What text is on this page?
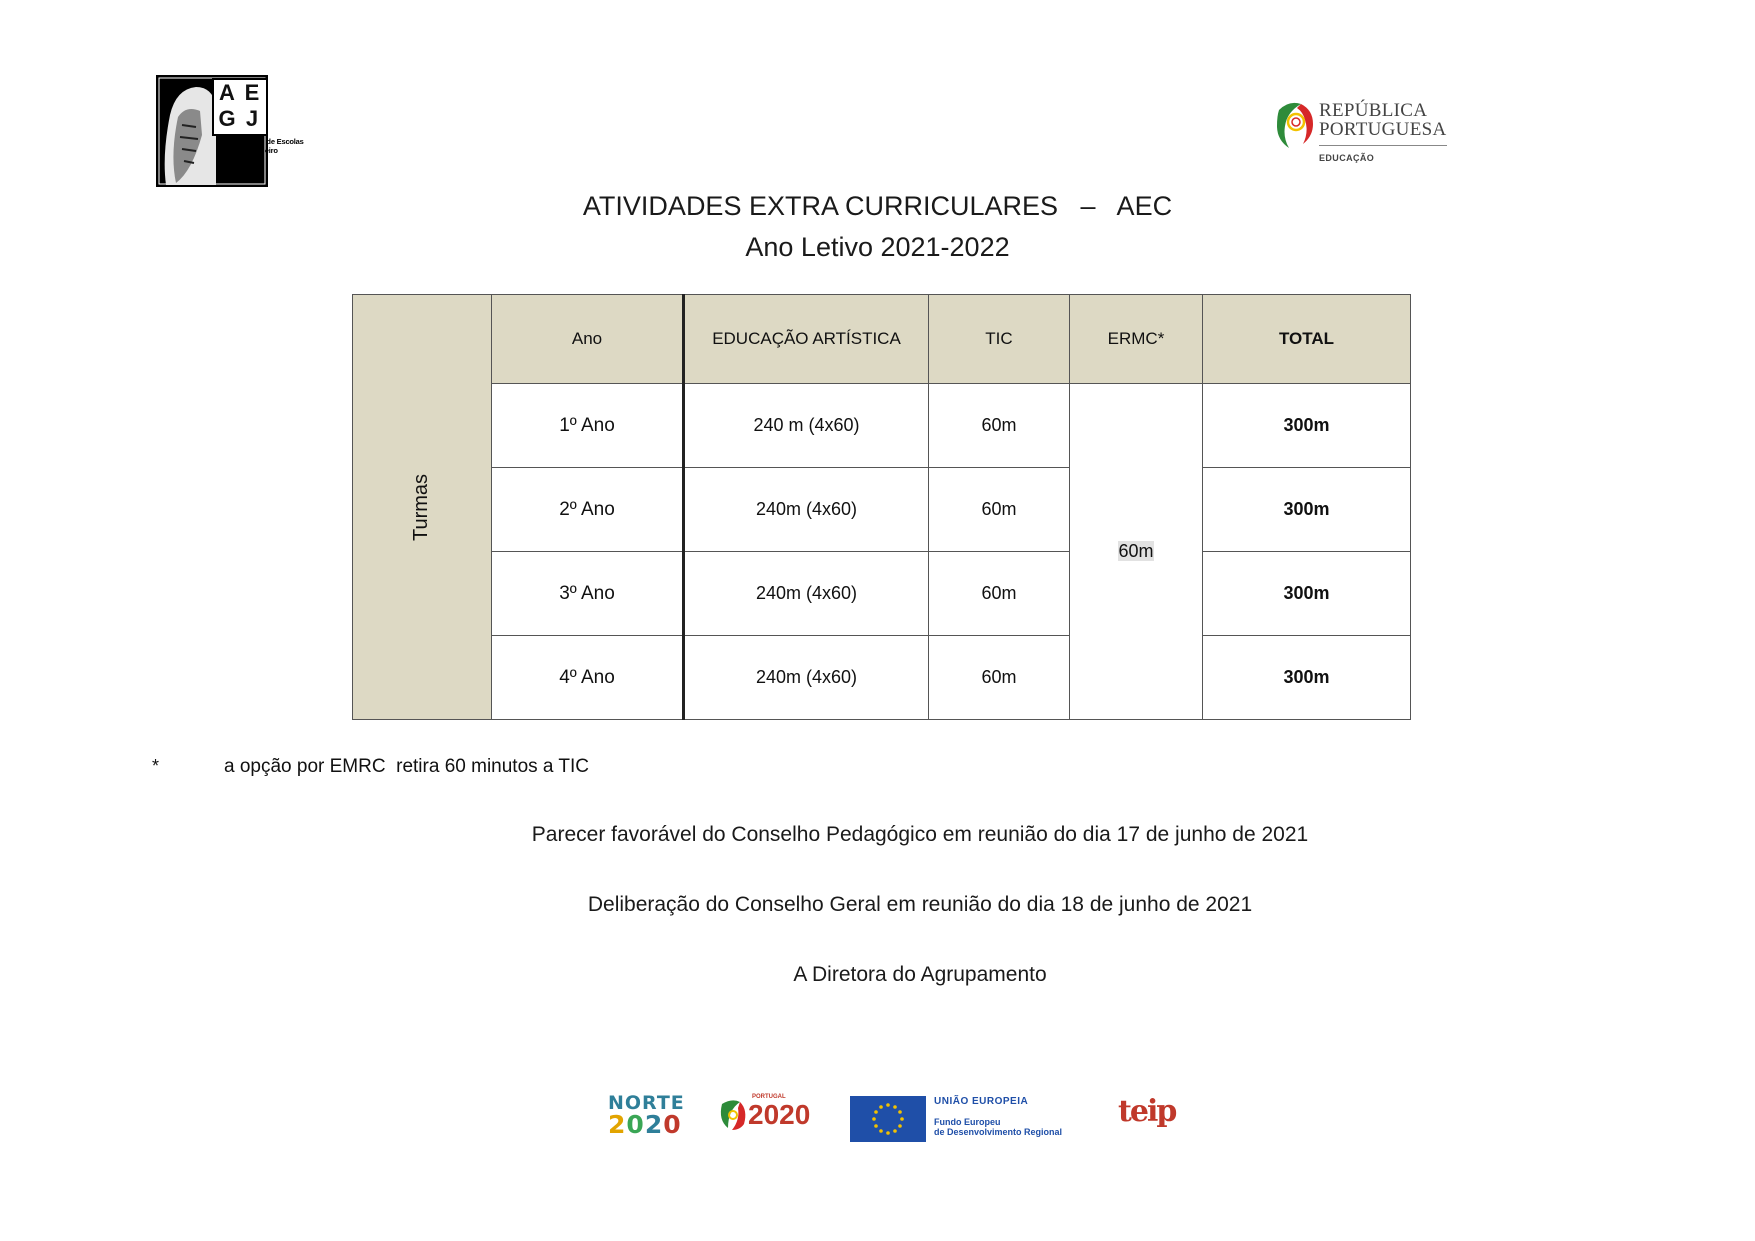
A E
G J
Agrupamento de Escolas
Guerra Junqueiro
REPÚBLICA
PORTUGUESA
EDUCAÇÃO
ATIVIDADES EXTRA CURRICULARES   –   AEC
Ano Letivo 2021-2022
Turmas	Ano	EDUCAÇÃO ARTÍSTICA	TIC	ERMC*	TOTAL
	1º Ano	240 m (4x60)	60m	60m	300m
	2º Ano	240m (4x60)	60m		300m
	3º Ano	240m (4x60)	60m		300m
	4º Ano	240m (4x60)	60m		300m
*	a opção por EMRC  retira 60 minutos a TIC
Parecer favorável do Conselho Pedagógico em reunião do dia 17 de junho de 2021
Deliberação do Conselho Geral em reunião do dia 18 de junho de 2021
A Diretora do Agrupamento
NORTE
2020
PORTUGAL
2020	UNIÃO EUROPEIA
Fundo Europeu
de Desenvolvimento Regional
teip
